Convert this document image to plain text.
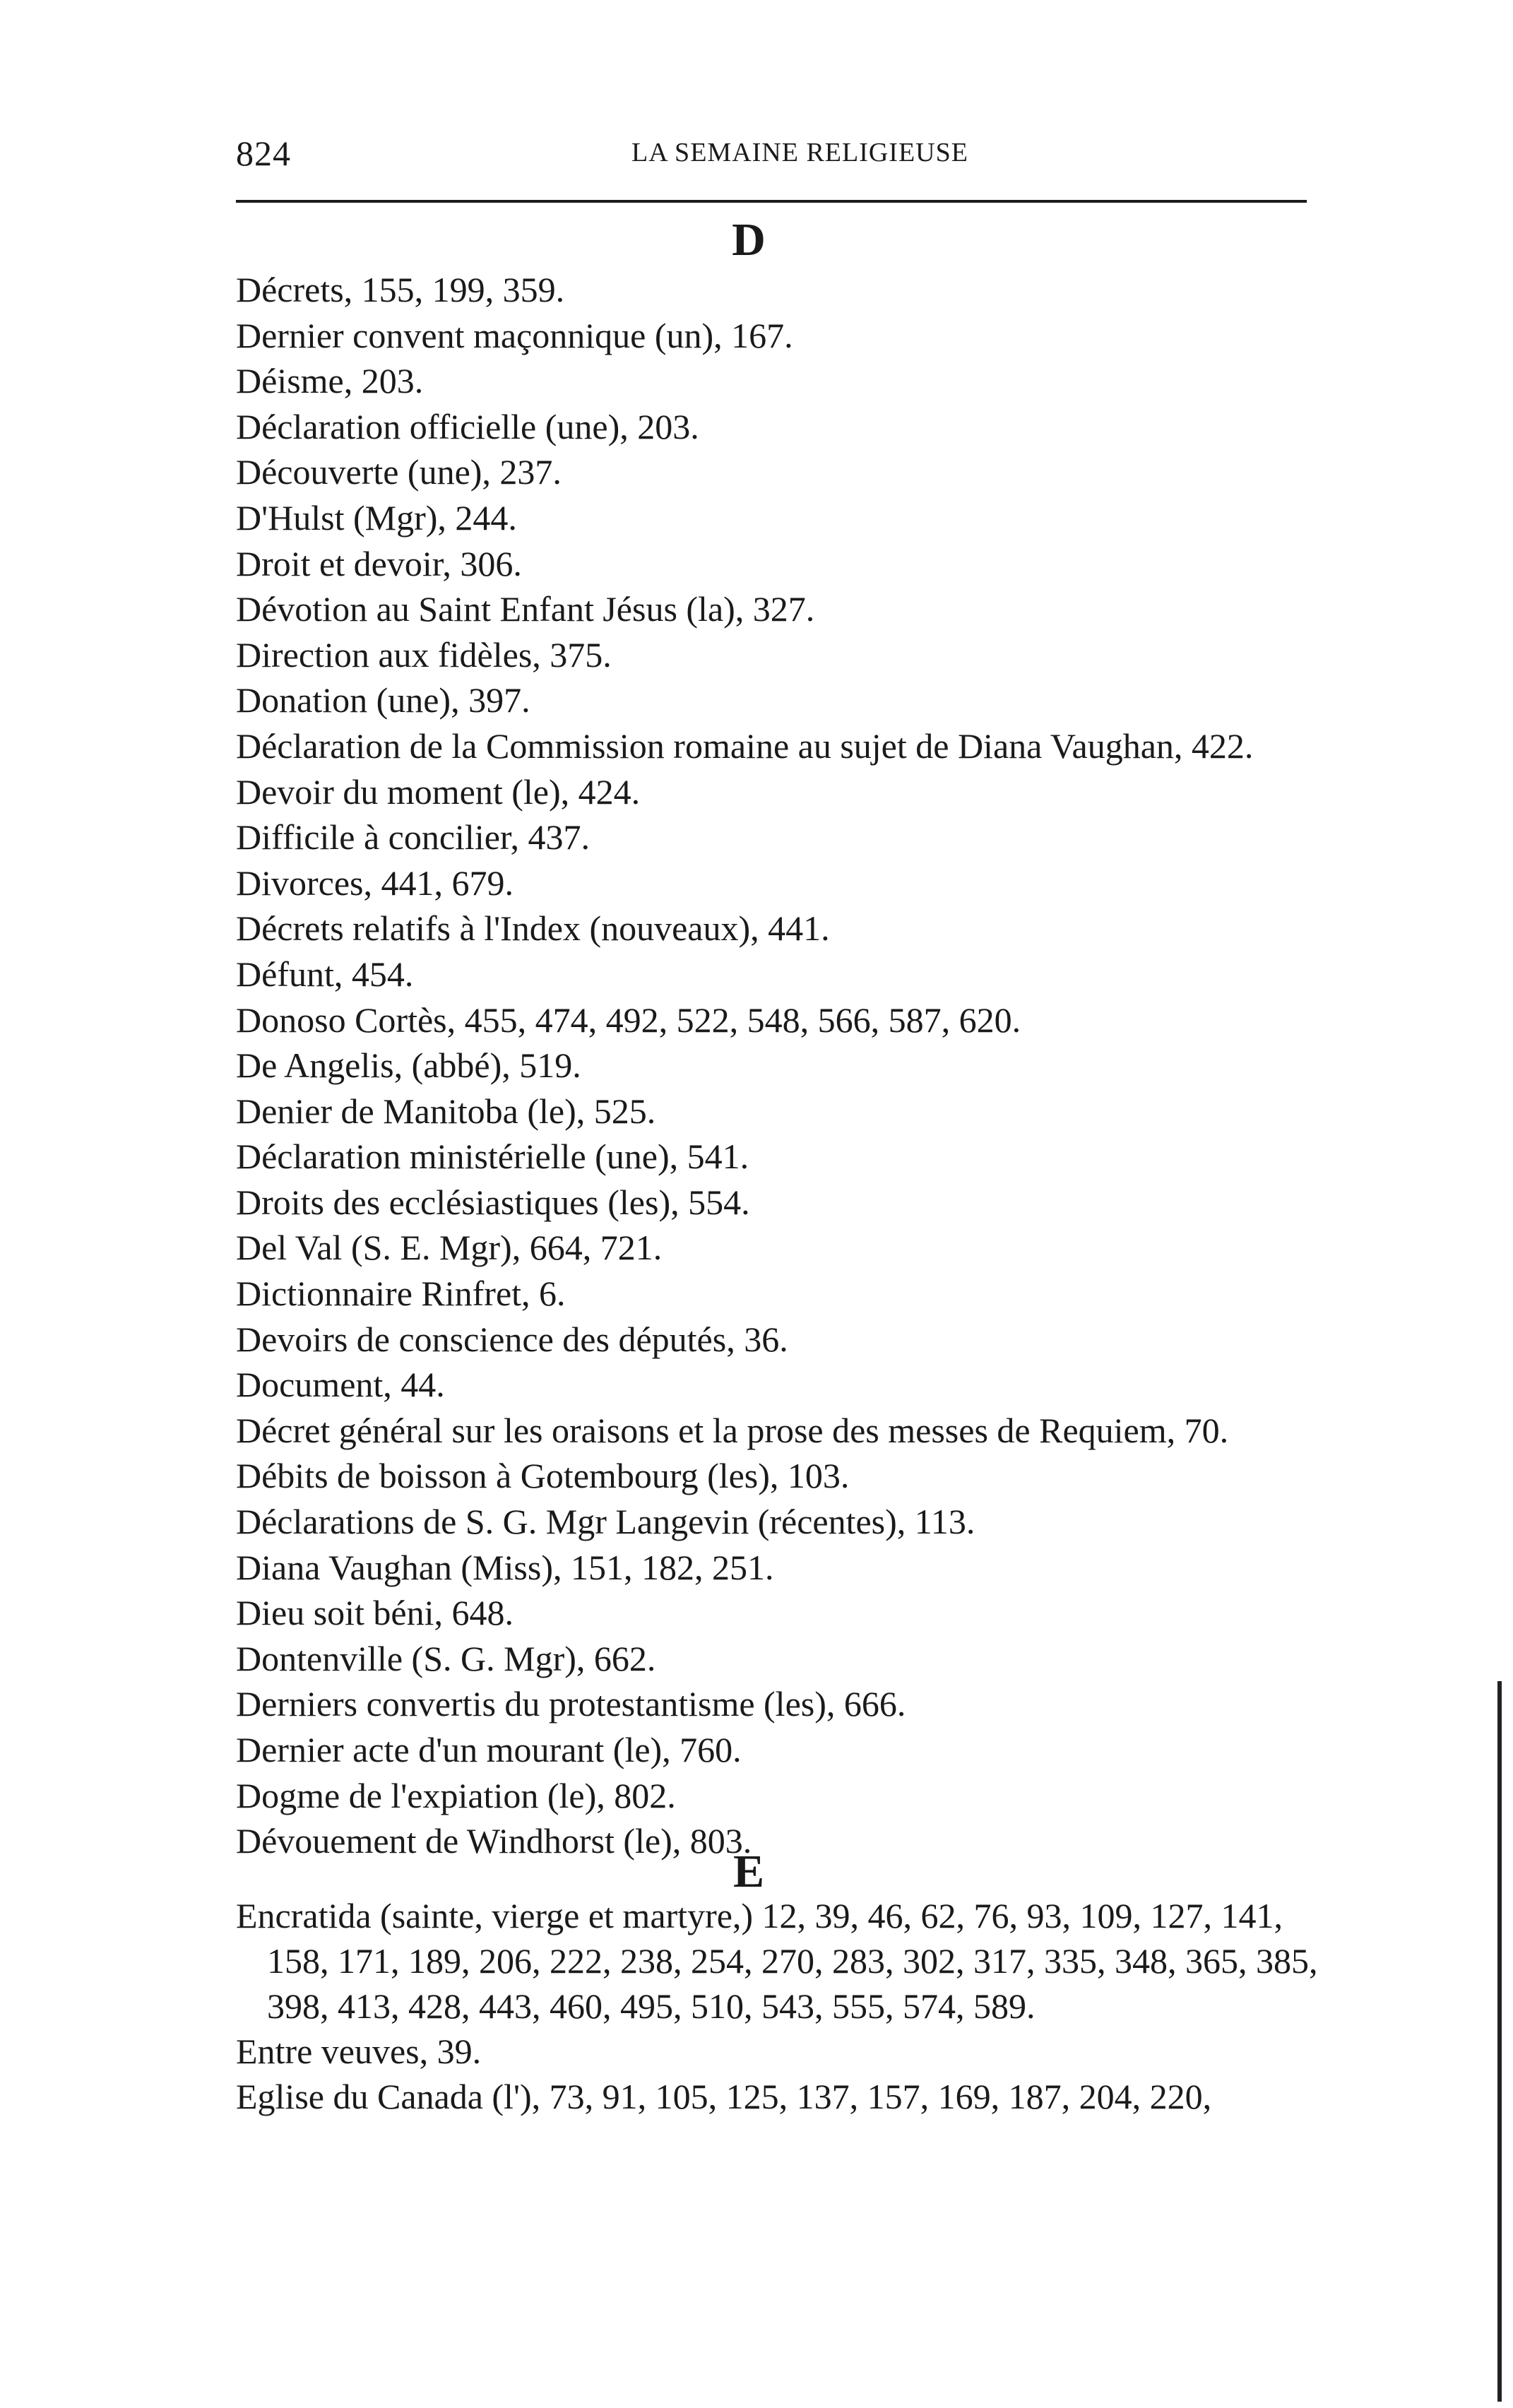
824	LA SEMAINE RELIGIEUSE
D
Décrets, 155, 199, 359.
Dernier convent maçonnique (un), 167.
Déisme, 203.
Déclaration officielle (une), 203.
Découverte (une), 237.
D'Hulst (Mgr), 244.
Droit et devoir, 306.
Dévotion au Saint Enfant Jésus (la), 327.
Direction aux fidèles, 375.
Donation (une), 397.
Déclaration de la Commission romaine au sujet de Diana Vaughan, 422.
Devoir du moment (le), 424.
Difficile à concilier, 437.
Divorces, 441, 679.
Décrets relatifs à l'Index (nouveaux), 441.
Défunt, 454.
Donoso Cortès, 455, 474, 492, 522, 548, 566, 587, 620.
De Angelis, (abbé), 519.
Denier de Manitoba (le), 525.
Déclaration ministérielle (une), 541.
Droits des ecclésiastiques (les), 554.
Del Val (S. E. Mgr), 664, 721.
Dictionnaire Rinfret, 6.
Devoirs de conscience des députés, 36.
Document, 44.
Décret général sur les oraisons et la prose des messes de Requiem, 70.
Débits de boisson à Gotembourg (les), 103.
Déclarations de S. G. Mgr Langevin (récentes), 113.
Diana Vaughan (Miss), 151, 182, 251.
Dieu soit béni, 648.
Dontenville (S. G. Mgr), 662.
Derniers convertis du protestantisme (les), 666.
Dernier acte d'un mourant (le), 760.
Dogme de l'expiation (le), 802.
Dévouement de Windhorst (le), 803.
E
Encratida (sainte, vierge et martyre,) 12, 39, 46, 62, 76, 93, 109, 127, 141, 158, 171, 189, 206, 222, 238, 254, 270, 283, 302, 317, 335, 348, 365, 385, 398, 413, 428, 443, 460, 495, 510, 543, 555, 574, 589.
Entre veuves, 39.
Eglise du Canada (l'), 73, 91, 105, 125, 137, 157, 169, 187, 204, 220,
